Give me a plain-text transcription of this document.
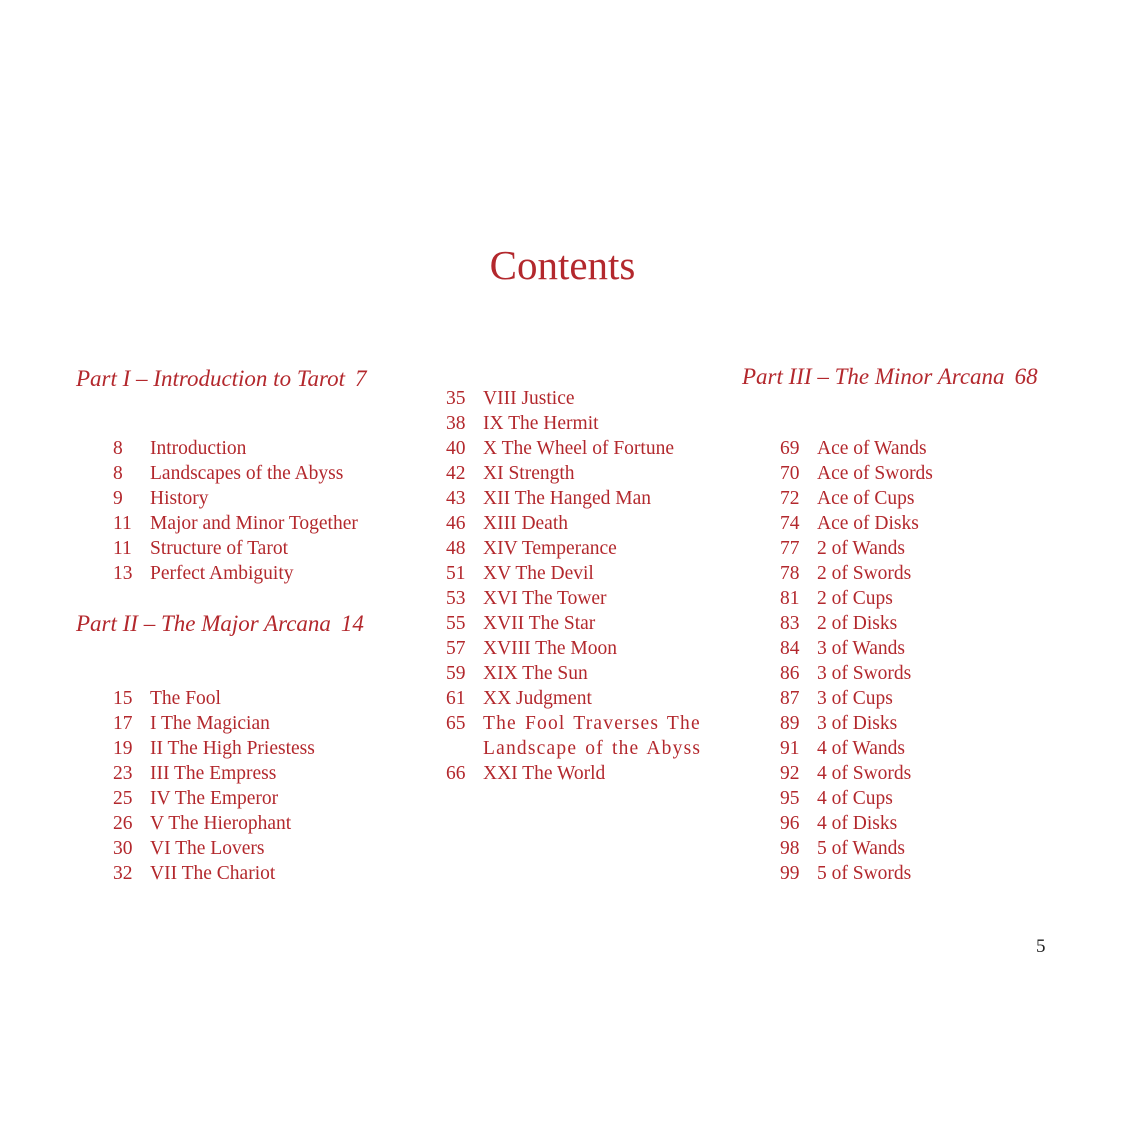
Contents
Part I – Introduction to Tarot 7
8	Introduction
8	Landscapes of the Abyss
9	History
11 Major and Minor Together
11 Structure of Tarot
13 Perfect Ambiguity
Part II – The Major Arcana 14
15 The Fool
17 I The Magician
19 II The High Priestess
23 III The Empress
25 IV The Emperor
26 V The Hierophant
30 VI The Lovers
32 VII The Chariot
35 VIII Justice
38 IX The Hermit
40 X The Wheel of Fortune
42 XI Strength
43 XII The Hanged Man
46 XIII Death
48 XIV Temperance
51 XV The Devil
53 XVI The Tower
55 XVII The Star
57 XVIII The Moon
59 XIX The Sun
61 XX Judgment
65 The Fool Traverses The Landscape of the Abyss
66 XXI The World
Part III – The Minor Arcana 68
69 Ace of Wands
70 Ace of Swords
72 Ace of Cups
74 Ace of Disks
77 2 of Wands
78 2 of Swords
81 2 of Cups
83 2 of Disks
84 3 of Wands
86 3 of Swords
87 3 of Cups
89 3 of Disks
91 4 of Wands
92 4 of Swords
95 4 of Cups
96 4 of Disks
98 5 of Wands
99 5 of Swords
5
